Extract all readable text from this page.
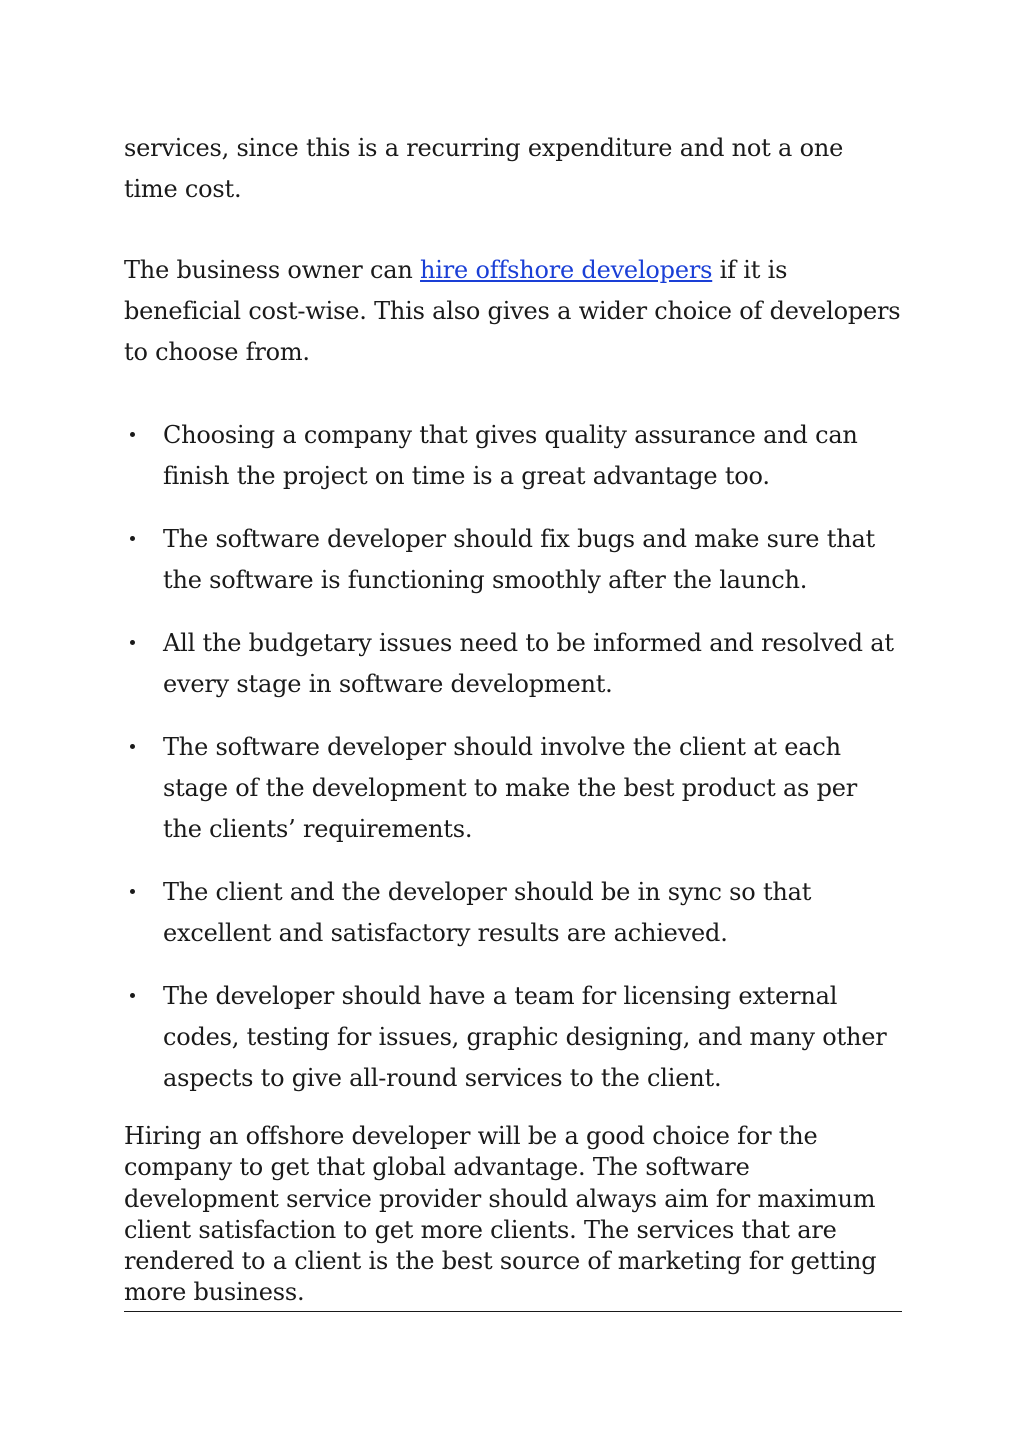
services, since this is a recurring expenditure and not a one time cost.

The business owner can hire offshore developers if it is beneficial cost-wise. This also gives a wider choice of developers to choose from.

Choosing a company that gives quality assurance and can finish the project on time is a great advantage too.
The software developer should fix bugs and make sure that the software is functioning smoothly after the launch.
All the budgetary issues need to be informed and resolved at every stage in software development.
The software developer should involve the client at each stage of the development to make the best product as per the clients’ requirements.
The client and the developer should be in sync so that excellent and satisfactory results are achieved.
The developer should have a team for licensing external codes, testing for issues, graphic designing, and many other aspects to give all-round services to the client.
Hiring an offshore developer will be a good choice for the company to get that global advantage. The software development service provider should always aim for maximum client satisfaction to get more clients. The services that are rendered to a client is the best source of marketing for getting more business.
